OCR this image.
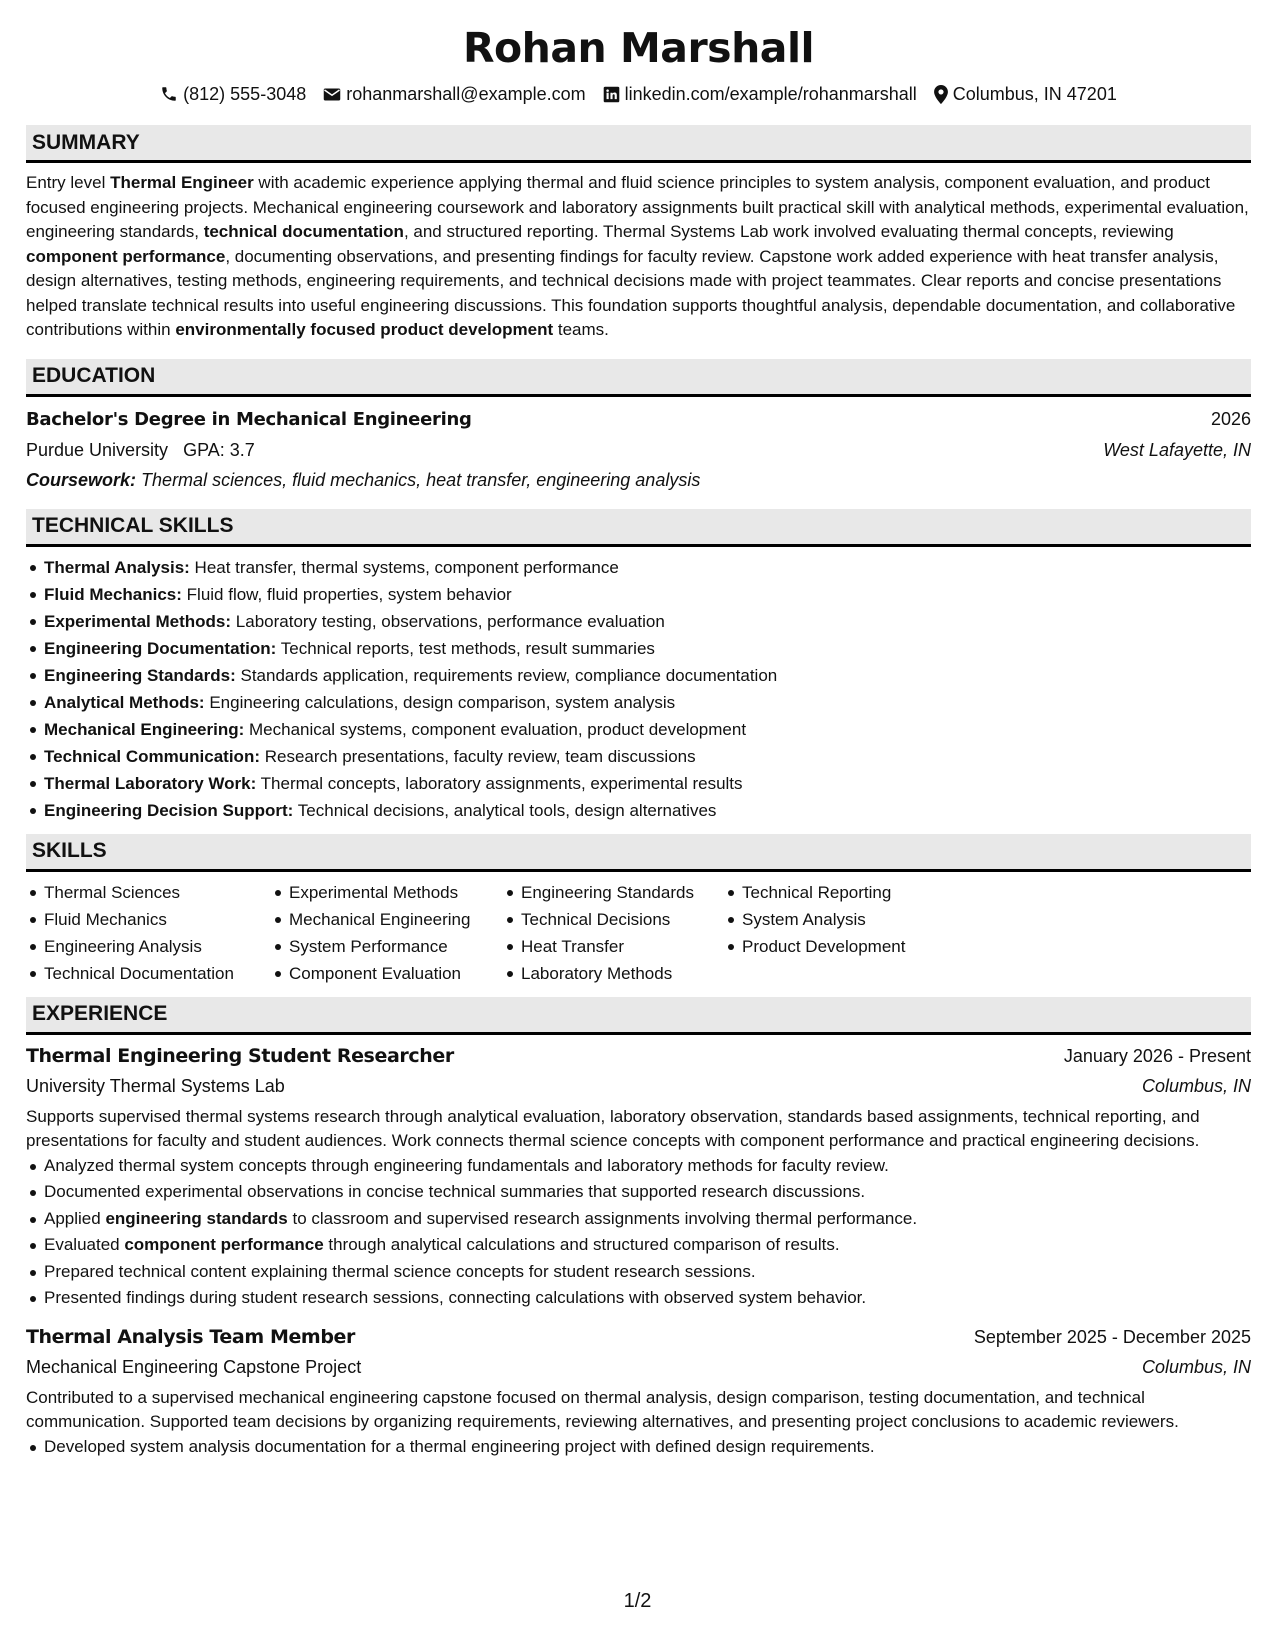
Rohan Marshall
(812) 555-3048 rohanmarshall@example.com linkedin.com/example/rohanmarshall Columbus, IN 47201
SUMMARY

Entry level Thermal Engineer with academic experience applying thermal and fluid science principles to system analysis, component evaluation, and product focused engineering projects. Mechanical engineering coursework and laboratory assignments built practical skill with analytical methods, experimental evaluation, engineering standards, technical documentation, and structured reporting. Thermal Systems Lab work involved evaluating thermal concepts, reviewing component performance, documenting observations, and presenting findings for faculty review. Capstone work added experience with heat transfer analysis, design alternatives, testing methods, engineering requirements, and technical decisions made with project teammates. Clear reports and concise presentations helped translate technical results into useful engineering discussions. This foundation supports thoughtful analysis, dependable documentation, and collaborative contributions within environmentally focused product development teams.

EDUCATION
Bachelor's Degree in Mechanical Engineering	2026
Purdue University GPA: 3.7	West Lafayette, IN
Coursework: Thermal sciences, fluid mechanics, heat transfer, engineering analysis
TECHNICAL SKILLS
Thermal Analysis: Heat transfer, thermal systems, component performance
Fluid Mechanics: Fluid flow, fluid properties, system behavior
Experimental Methods: Laboratory testing, observations, performance evaluation
Engineering Documentation: Technical reports, test methods, result summaries
Engineering Standards: Standards application, requirements review, compliance documentation
Analytical Methods: Engineering calculations, design comparison, system analysis
Mechanical Engineering: Mechanical systems, component evaluation, product development
Technical Communication: Research presentations, faculty review, team discussions
Thermal Laboratory Work: Thermal concepts, laboratory assignments, experimental results
Engineering Decision Support: Technical decisions, analytical tools, design alternatives
SKILLS
Thermal Sciences
Fluid Mechanics
Engineering Analysis
Technical Documentation
Experimental Methods
Mechanical Engineering
System Performance
Component Evaluation
Engineering Standards
Technical Decisions
Heat Transfer
Laboratory Methods
Technical Reporting
System Analysis
Product Development
EXPERIENCE
Thermal Engineering Student Researcher	January 2026 - Present
University Thermal Systems Lab	Columbus, IN

Supports supervised thermal systems research through analytical evaluation, laboratory observation, standards based assignments, technical reporting, and presentations for faculty and student audiences. Work connects thermal science concepts with component performance and practical engineering decisions.

Analyzed thermal system concepts through engineering fundamentals and laboratory methods for faculty review.
Documented experimental observations in concise technical summaries that supported research discussions.
Applied engineering standards to classroom and supervised research assignments involving thermal performance.
Evaluated component performance through analytical calculations and structured comparison of results.
Prepared technical content explaining thermal science concepts for student research sessions.
Presented findings during student research sessions, connecting calculations with observed system behavior.
Thermal Analysis Team Member	September 2025 - December 2025
Mechanical Engineering Capstone Project	Columbus, IN

Contributed to a supervised mechanical engineering capstone focused on thermal analysis, design comparison, testing documentation, and technical communication. Supported team decisions by organizing requirements, reviewing alternatives, and presenting project conclusions to academic reviewers.

Developed system analysis documentation for a thermal engineering project with defined design requirements.
1/2
